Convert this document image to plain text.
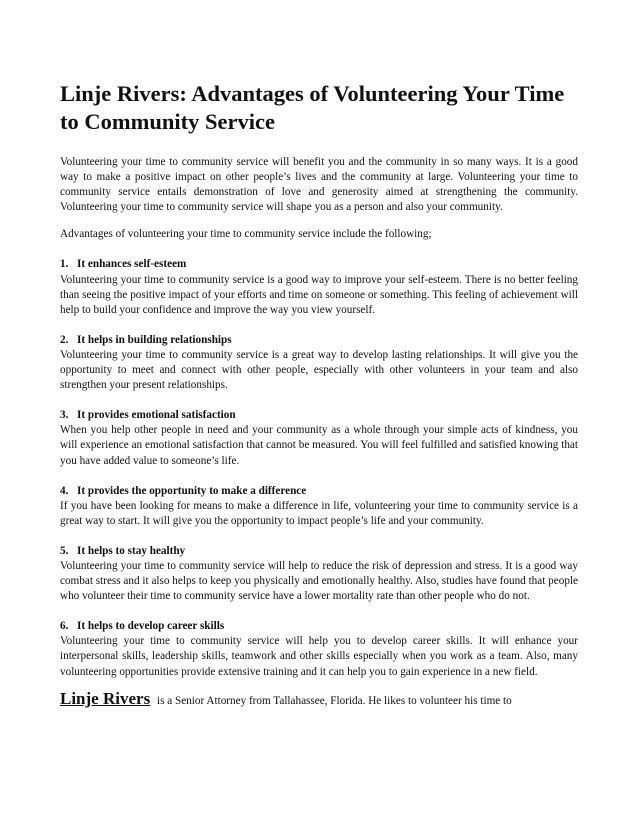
Linje Rivers: Advantages of Volunteering Your Time to Community Service

Volunteering your time to community service will benefit you and the community in so many ways. It is a good way to make a positive impact on other people’s lives and the community at large. Volunteering your time to community service entails demonstration of love and generosity aimed at strengthening the community. Volunteering your time to community service will shape you as a person and also your community.

Advantages of volunteering your time to community service include the following;

1. It enhances self-esteem

Volunteering your time to community service is a good way to improve your self-esteem. There is no better feeling than seeing the positive impact of your efforts and time on someone or something. This feeling of achievement will help to build your confidence and improve the way you view yourself.

2. It helps in building relationships

Volunteering your time to community service is a great way to develop lasting relationships. It will give you the opportunity to meet and connect with other people, especially with other volunteers in your team and also strengthen your present relationships.

3. It provides emotional satisfaction

When you help other people in need and your community as a whole through your simple acts of kindness, you will experience an emotional satisfaction that cannot be measured. You will feel fulfilled and satisfied knowing that you have added value to someone’s life.

4. It provides the opportunity to make a difference

If you have been looking for means to make a difference in life, volunteering your time to community service is a great way to start. It will give you the opportunity to impact people’s life and your community.

5. It helps to stay healthy

Volunteering your time to community service will help to reduce the risk of depression and stress. It is a good way combat stress and it also helps to keep you physically and emotionally healthy. Also, studies have found that people who volunteer their time to community service have a lower mortality rate than other people who do not.

6. It helps to develop career skills

Volunteering your time to community service will help you to develop career skills. It will enhance your interpersonal skills, leadership skills, teamwork and other skills especially when you work as a team. Also, many volunteering opportunities provide extensive training and it can help you to gain experience in a new field.

Linje Rivers is a Senior Attorney from Tallahassee, Florida. He likes to volunteer his time to
